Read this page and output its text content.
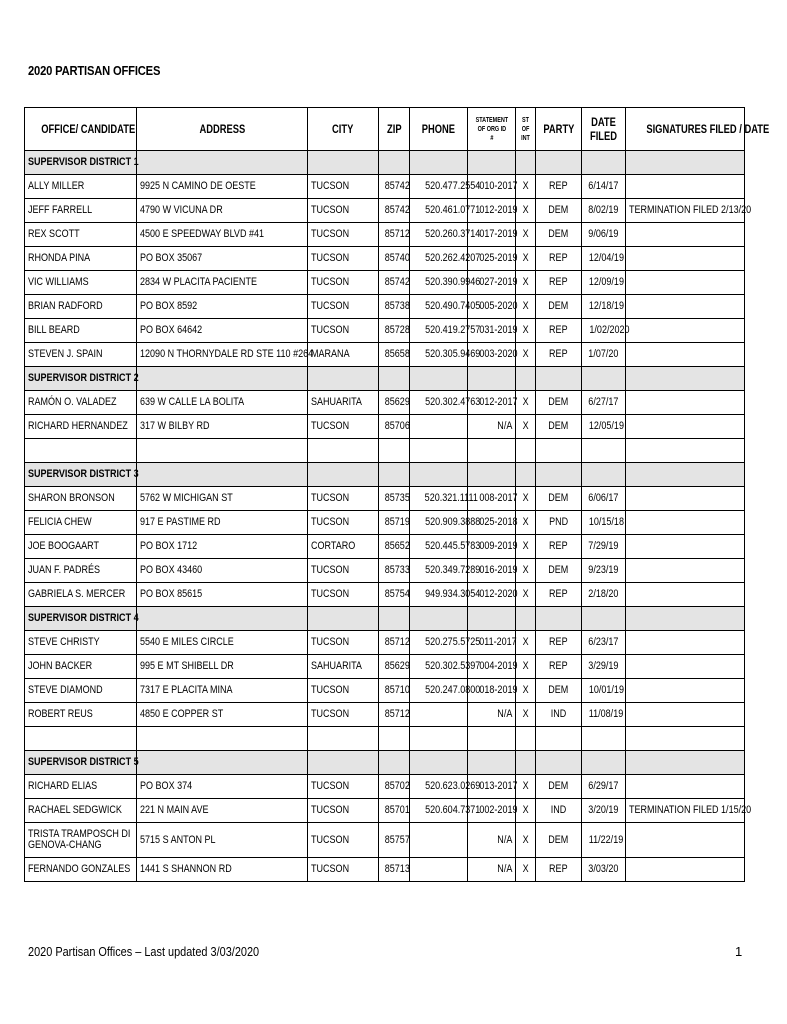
2020 PARTISAN OFFICES
OFFICE/ CANDIDATE	ADDRESS	CITY	ZIP	PHONE	STATEMENT OF ORG ID #	ST OF INT	PARTY	DATE FILED	SIGNATURES FILED / DATE
SUPERVISOR DISTRICT 1									
ALLY MILLER	9925 N CAMINO DE OESTE	TUCSON	85742	520.477.2554	010-2017	X	REP	6/14/17	
JEFF FARRELL	4790 W VICUNA DR	TUCSON	85742	520.461.0771	012-2019	X	DEM	8/02/19	TERMINATION FILED 2/13/20
REX SCOTT	4500 E SPEEDWAY BLVD #41	TUCSON	85712	520.260.3714	017-2019	X	DEM	9/06/19	
RHONDA PINA	PO BOX 35067	TUCSON	85740	520.262.4207	025-2019	X	REP	12/04/19	
VIC WILLIAMS	2834 W PLACITA PACIENTE	TUCSON	85742	520.390.9946	027-2019	X	REP	12/09/19	
BRIAN RADFORD	PO BOX 8592	TUCSON	85738	520.490.7405	005-2020	X	DEM	12/18/19	
BILL BEARD	PO BOX 64642	TUCSON	85728	520.419.2757	031-2019	X	REP	1/02/2020	
STEVEN J. SPAIN	12090 N THORNYDALE RD STE 110 #264	MARANA	85658	520.305.9469	003-2020	X	REP	1/07/20	
SUPERVISOR DISTRICT 2									
RAMÓN O. VALADEZ	639 W CALLE LA BOLITA	SAHUARITA	85629	520.302.4763	012-2017	X	DEM	6/27/17	
RICHARD HERNANDEZ	317 W BILBY RD	TUCSON	85706		N/A	X	DEM	12/05/19	

SUPERVISOR DISTRICT 3									
SHARON BRONSON	5762 W MICHIGAN ST	TUCSON	85735	520.321.1111	008-2017	X	DEM	6/06/17	
FELICIA CHEW	917 E PASTIME RD	TUCSON	85719	520.909.3888	025-2018	X	PND	10/15/18	
JOE BOOGAART	PO BOX 1712	CORTARO	85652	520.445.5783	009-2019	X	REP	7/29/19	
JUAN F. PADRÉS	PO BOX 43460	TUCSON	85733	520.349.7289	016-2019	X	DEM	9/23/19	
GABRIELA S. MERCER	PO BOX 85615	TUCSON	85754	949.934.3054	012-2020	X	REP	2/18/20	
SUPERVISOR DISTRICT 4									
STEVE CHRISTY	5540 E MILES CIRCLE	TUCSON	85712	520.275.5725	011-2017	X	REP	6/23/17	
JOHN BACKER	995 E MT SHIBELL DR	SAHUARITA	85629	520.302.5397	004-2019	X	REP	3/29/19	
STEVE DIAMOND	7317 E PLACITA MINA	TUCSON	85710	520.247.0800	018-2019	X	DEM	10/01/19	
ROBERT REUS	4850 E COPPER ST	TUCSON	85712		N/A	X	IND	11/08/19	

SUPERVISOR DISTRICT 5									
RICHARD ELIAS	PO BOX 374	TUCSON	85702	520.623.0269	013-2017	X	DEM	6/29/17	
RACHAEL SEDGWICK	221 N MAIN AVE	TUCSON	85701	520.604.7371	002-2019	X	IND	3/20/19	TERMINATION FILED 1/15/20
TRISTA TRAMPOSCH DI GENOVA-CHANG	5715 S ANTON PL	TUCSON	85757		N/A	X	DEM	11/22/19	
FERNANDO GONZALES	1441 S SHANNON RD	TUCSON	85713		N/A	X	REP	3/03/20	
2020 Partisan Offices – Last updated 3/03/2020	1
